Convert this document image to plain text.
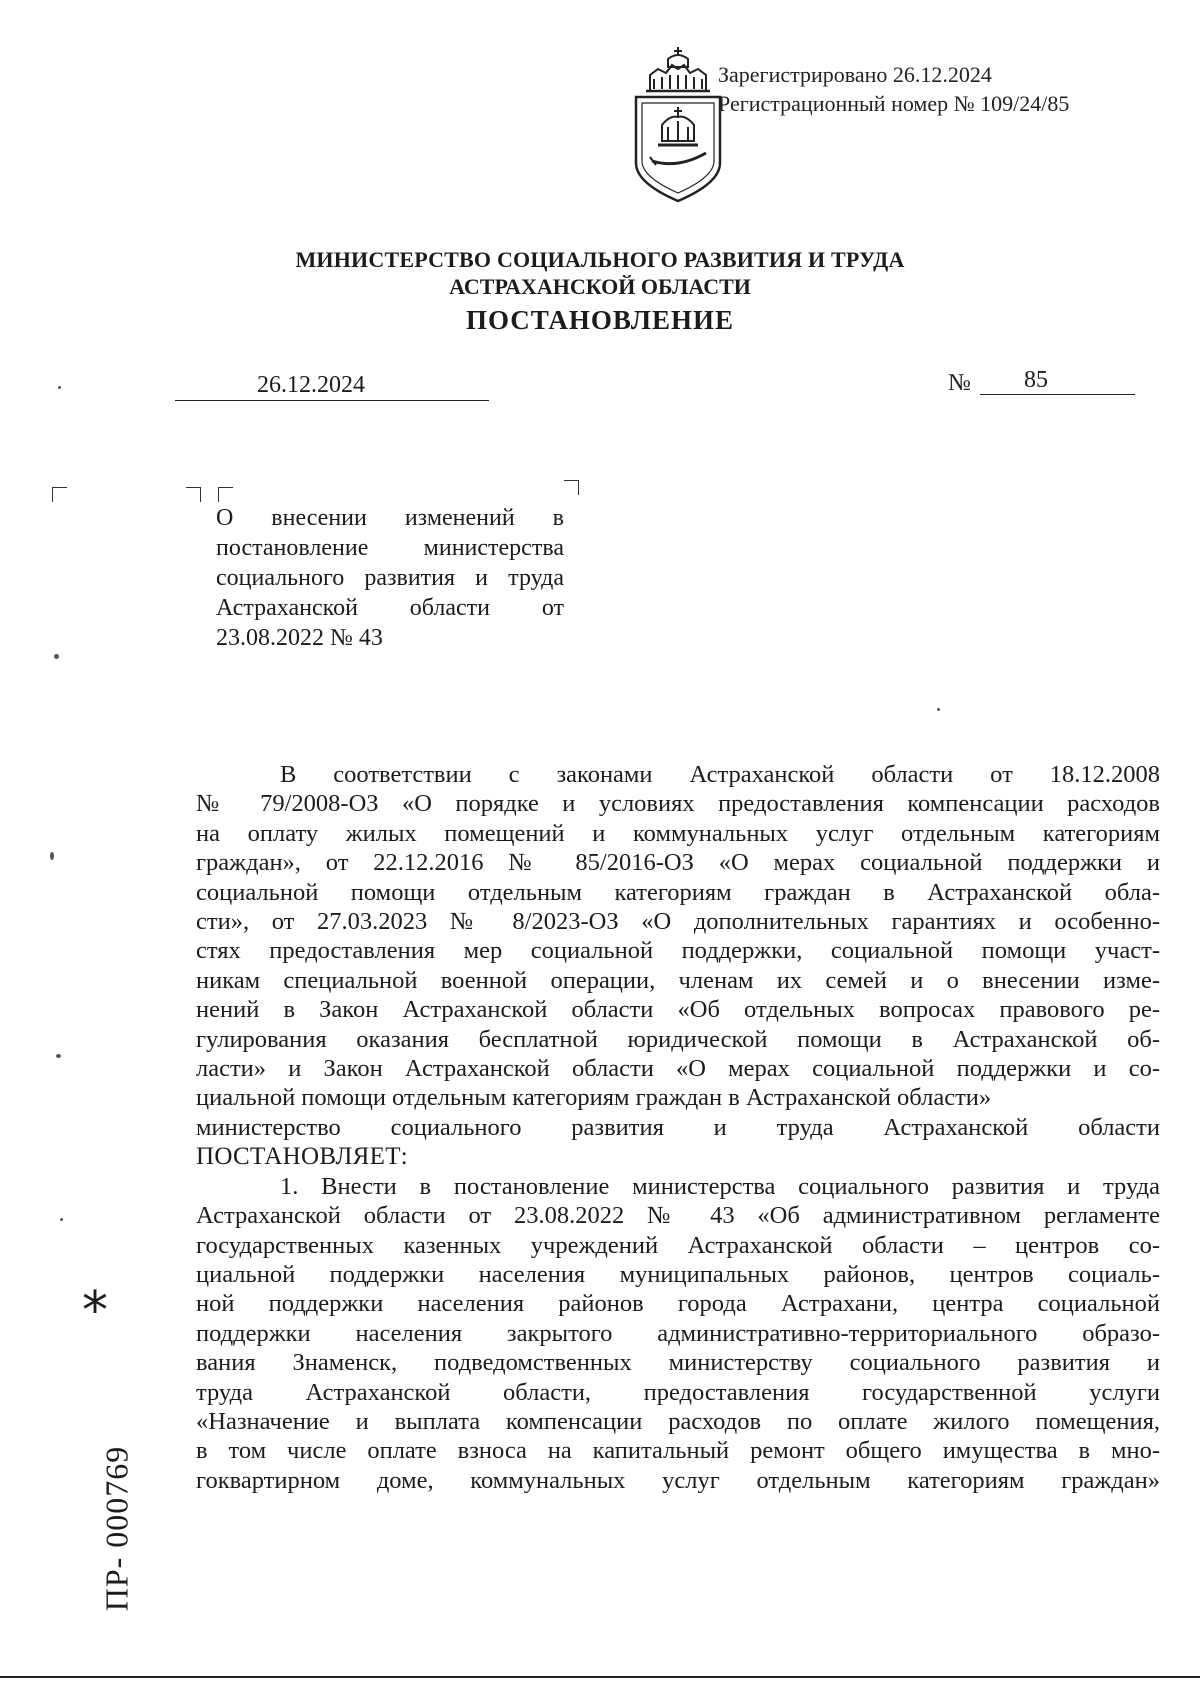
Зарегистрировано 26.12.2024
Регистрационный номер № 109/24/85
МИНИСТЕРСТВО СОЦИАЛЬНОГО РАЗВИТИЯ И ТРУДА
АСТРАХАНСКОЙ ОБЛАСТИ
ПОСТАНОВЛЕНИЕ
26.12.2024	№	85
О внесении изменений в постановление министерства социального развития и труда Астраханской области от 23.08.2022 № 43
В соответствии с законами Астраханской области от 18.12.2008
№ 79/2008-ОЗ «О порядке и условиях предоставления компенсации расходов
на оплату жилых помещений и коммунальных услуг отдельным категориям
граждан», от 22.12.2016 № 85/2016-ОЗ «О мерах социальной поддержки и
социальной помощи отдельным категориям граждан в Астраханской обла-
сти», от 27.03.2023 № 8/2023-ОЗ «О дополнительных гарантиях и особенно-
стях предоставления мер социальной поддержки, социальной помощи участ-
никам специальной военной операции, членам их семей и о внесении изме-
нений в Закон Астраханской области «Об отдельных вопросах правового ре-
гулирования оказания бесплатной юридической помощи в Астраханской об-
ласти» и Закон Астраханской области «О мерах социальной поддержки и со-
циальной помощи отдельным категориям граждан в Астраханской области»
министерство социального развития и труда Астраханской области
ПОСТАНОВЛЯЕТ:
1. Внести в постановление министерства социального развития и труда
Астраханской области от 23.08.2022 № 43 «Об административном регламенте
государственных казенных учреждений Астраханской области – центров со-
циальной поддержки населения муниципальных районов, центров социаль-
ной поддержки населения районов города Астрахани, центра социальной
поддержки населения закрытого административно-территориального образо-
вания Знаменск, подведомственных министерству социального развития и
труда Астраханской области, предоставления государственной услуги
«Назначение и выплата компенсации расходов по оплате жилого помещения,
в том числе оплате взноса на капитальный ремонт общего имущества в мно-
гоквартирном доме, коммунальных услуг отдельным категориям граждан»
*
ПР- 000769
